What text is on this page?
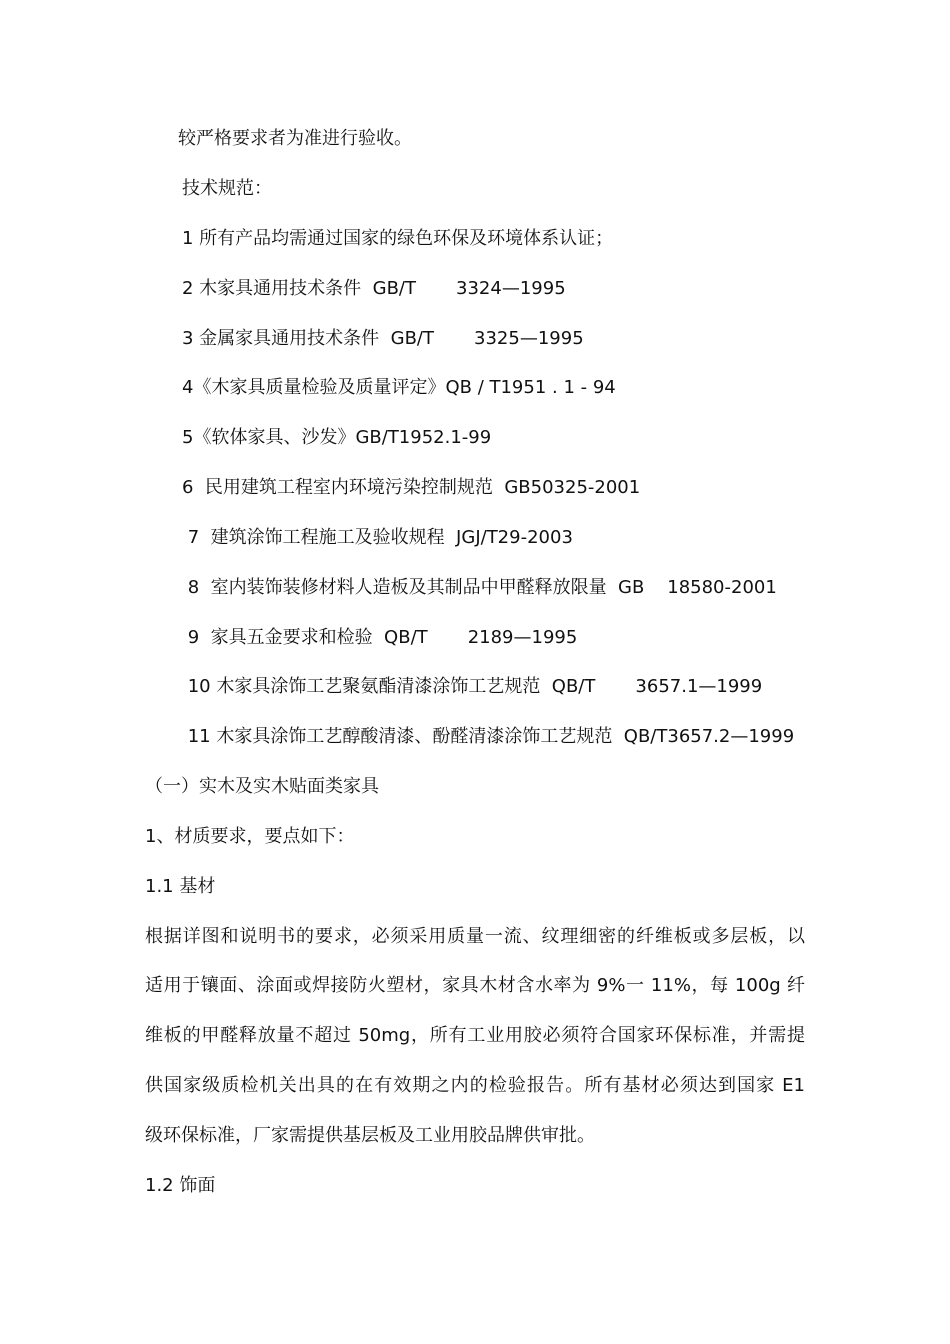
较严格要求者为准进行验收。
技术规范：
1 所有产品均需通过国家的绿色环保及环境体系认证；
2 木家具通用技术条件  GB/T       3324—1995
3 金属家具通用技术条件  GB/T       3325—1995
4《木家具质量检验及质量评定》QB / T1951 . 1 - 94
5《软体家具、沙发》GB/T1952.1-99
6  民用建筑工程室内环境污染控制规范  GB50325-2001
7  建筑涂饰工程施工及验收规程  JGJ/T29-2003
8  室内装饰装修材料人造板及其制品中甲醛释放限量  GB    18580-2001
9  家具五金要求和检验  QB/T       2189—1995
10 木家具涂饰工艺聚氨酯清漆涂饰工艺规范  QB/T       3657.1—1999
11 木家具涂饰工艺醇酸清漆、酚醛清漆涂饰工艺规范  QB/T3657.2—1999
（一）实木及实木贴面类家具
1、材质要求，要点如下：
1.1 基材
根据详图和说明书的要求，必须采用质量一流、纹理细密的纤维板或多层板，以
适用于镶面、涂面或焊接防火塑材，家具木材含水率为 9%一 11%，每 100g 纤
维板的甲醛释放量不超过 50mg，所有工业用胶必须符合国家环保标准，并需提
供国家级质检机关出具的在有效期之内的检验报告。所有基材必须达到国家 E1
级环保标准，厂家需提供基层板及工业用胶品牌供审批。
1.2 饰面
